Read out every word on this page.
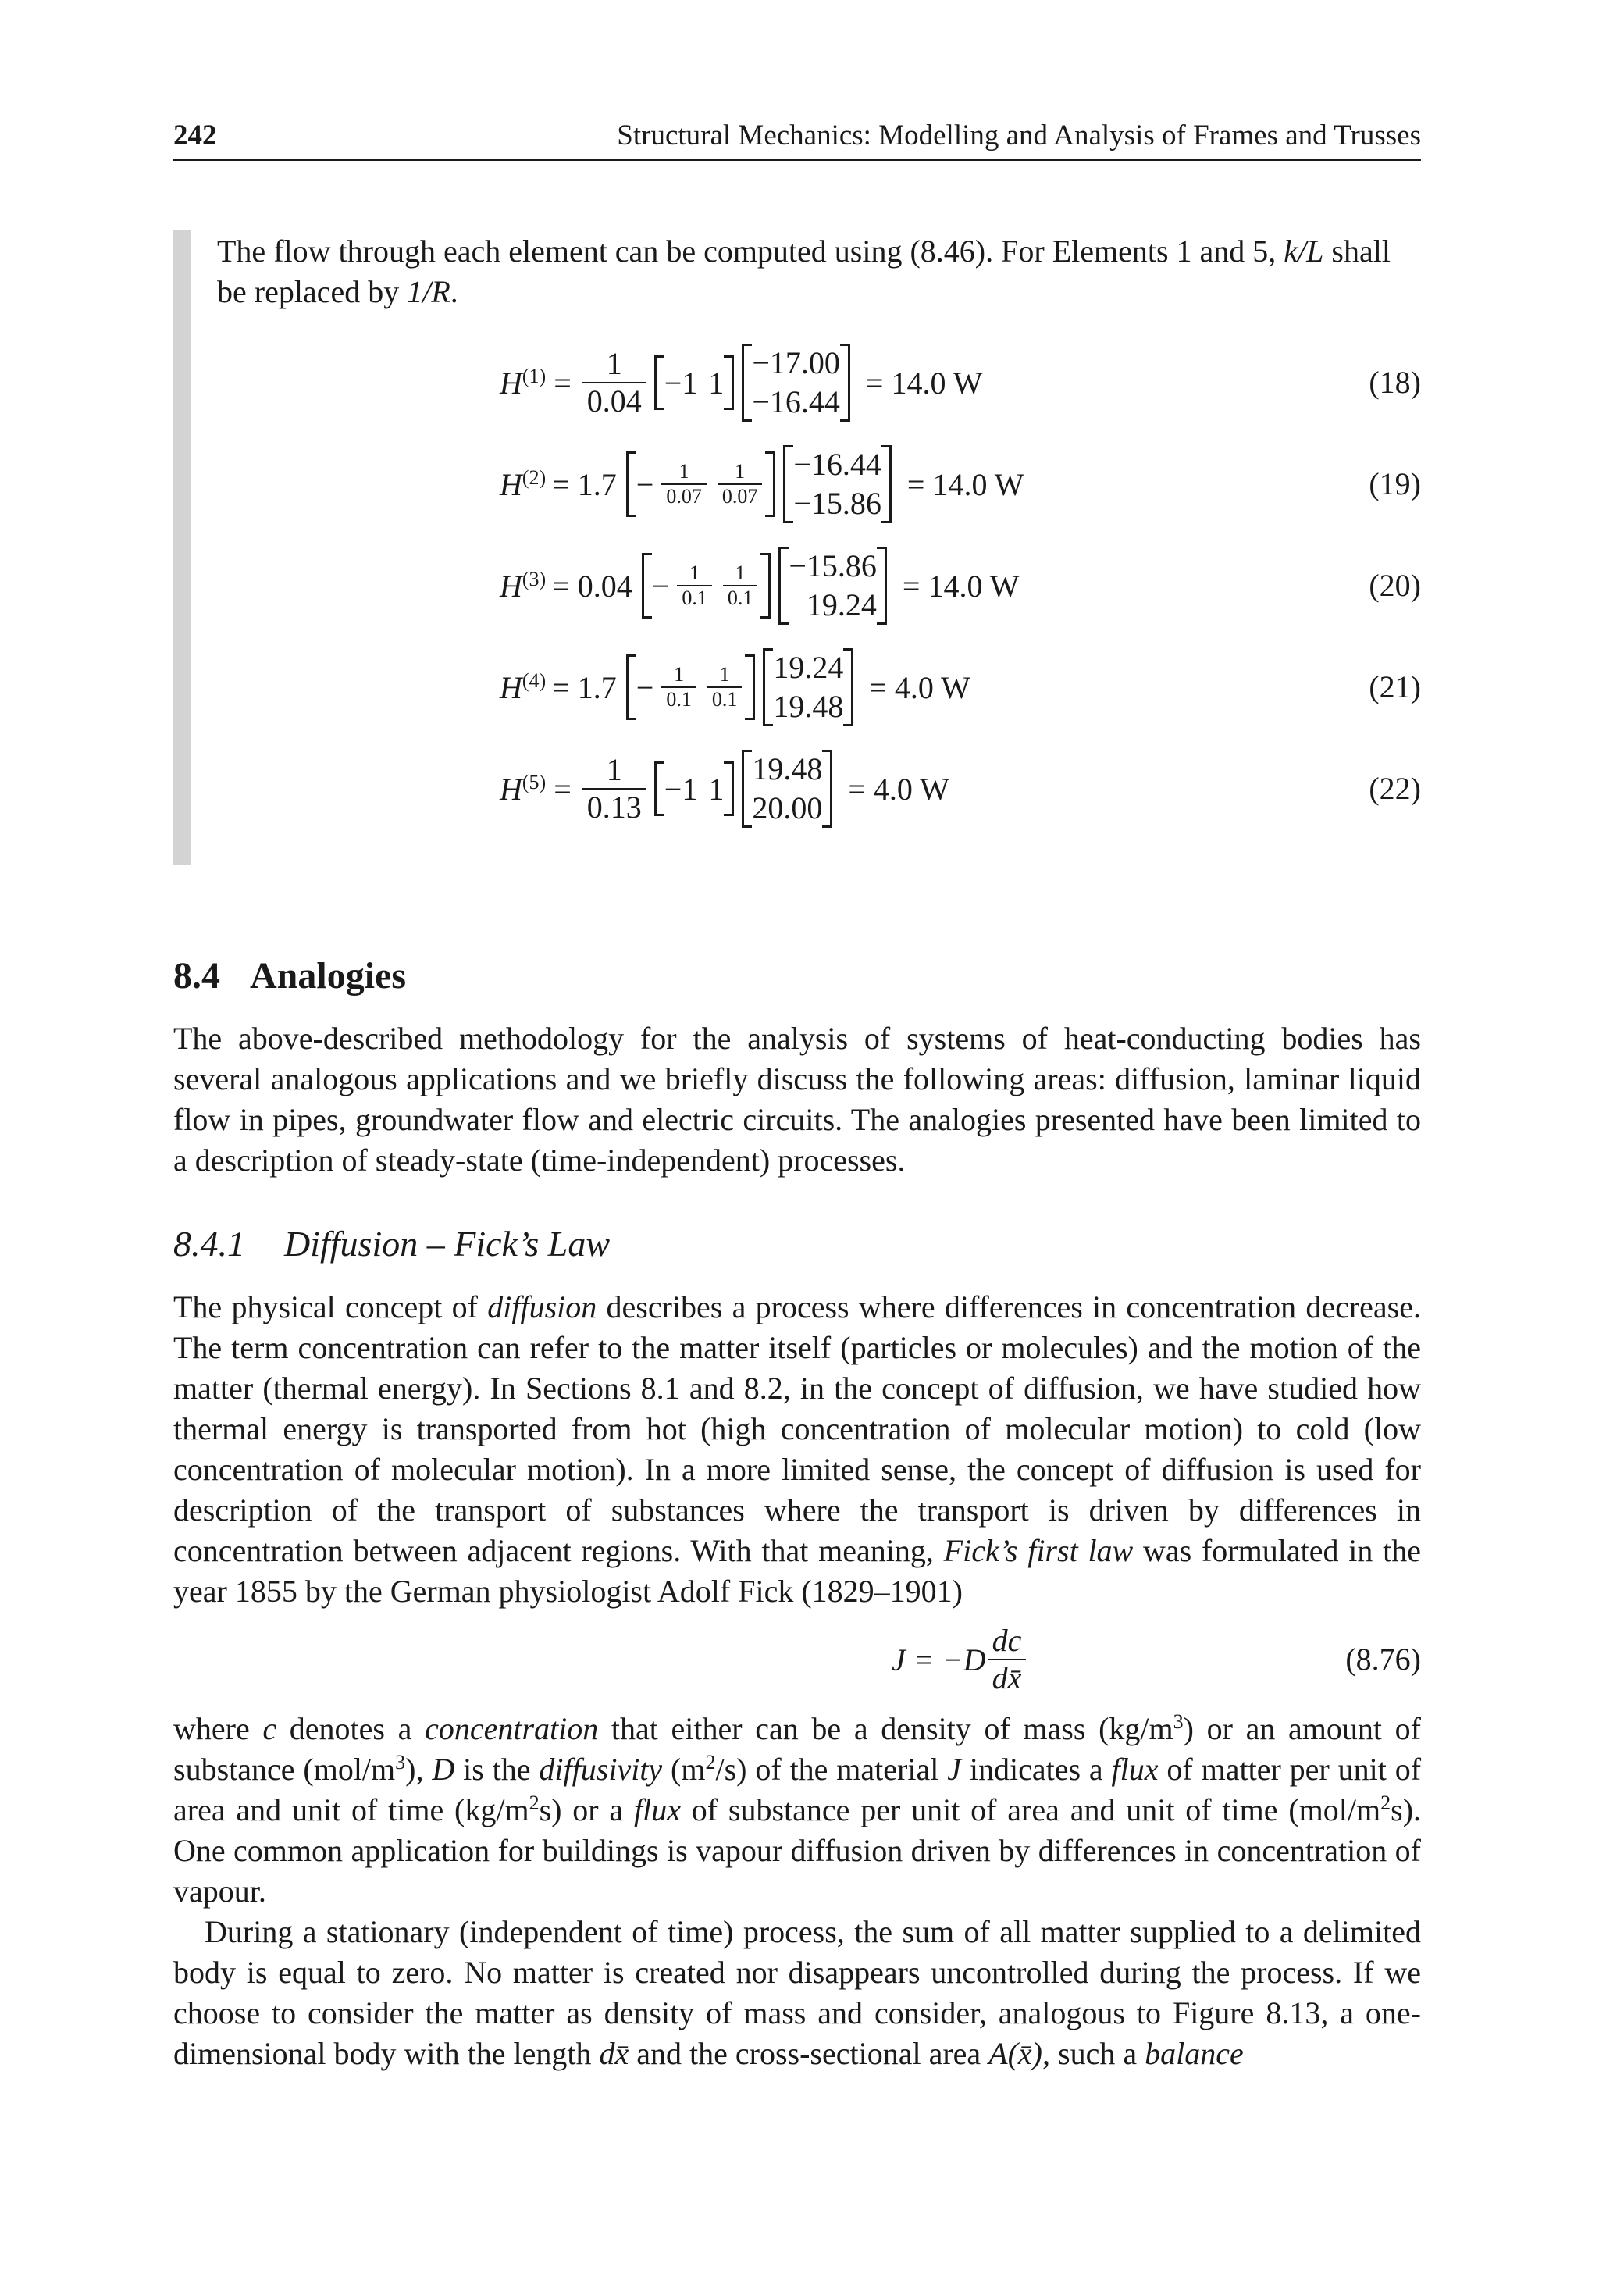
242	Structural Mechanics: Modelling and Analysis of Frames and Trusses

The flow through each element can be computed using (8.46). For Elements 1 and 5, k/L shall be replaced by 1/R.

$H^{(1)} = \frac{1}{0.04} -1$ 1
−17.00
−16.44
= 14.0 W	(18)
$H^{(2)} = 1.7 - \frac{1}{0.07} \frac{1}{0.07} -16.44$
−15.86
= 14.0 W	(19)
$H^{(3)} = 0.04 - \frac{1}{0.1} \frac{1}{0.1} -15.86$
19.24
= 14.0 W	(20)
$H^{(4)} = 1.7 - \frac{1}{0.1} \frac{1}{0.1} 19.24$
19.48
= 4.0 W	(21)
$H^{(5)} = \frac{1}{0.13} -1$ 1
19.48
20.00
= 4.0 W	(22)
8.4 Analogies

The above-described methodology for the analysis of systems of heat-conducting bodies has several analogous applications and we briefly discuss the following areas: diffusion, laminar liquid flow in pipes, groundwater flow and electric circuits. The analogies presented have been limited to a description of steady-state (time-independent) processes.

8.4.1 Diffusion – Fick’s Law

The physical concept of diffusion describes a process where differences in concentration decrease. The term concentration can refer to the matter itself (particles or molecules) and the motion of the matter (thermal energy). In Sections 8.1 and 8.2, in the concept of diffusion, we have studied how thermal energy is transported from hot (high concentration of molecular motion) to cold (low concentration of molecular motion). In a more limited sense, the concept of diffusion is used for description of the transport of substances where the transport is driven by differences in concentration between adjacent regions. With that meaning, Fick’s first law was formulated in the year 1855 by the German physiologist Adolf Fick (1829–1901)

$J = -D \frac{dc}{dx̄}$	(8.76)

where c denotes a concentration that either can be a density of mass $(kg/m^3)$ or an amount of substance $(mol/m^3)$, D is the diffusivity $(m^2/s)$ of the material J indicates a flux of matter per unit of area and unit of time $(kg/m^2s)$ or a flux of substance per unit of area and unit of time $(mol/m^2s)$. One common application for buildings is vapour diffusion driven by differences in concentration of vapour.

During a stationary (independent of time) process, the sum of all matter supplied to a delimited body is equal to zero. No matter is created nor disappears uncontrolled during the process. If we choose to consider the matter as density of mass and consider, analogous to Figure 8.13, a one-dimensional body with the length dx̄ and the cross-sectional area A(x̄), such a balance
